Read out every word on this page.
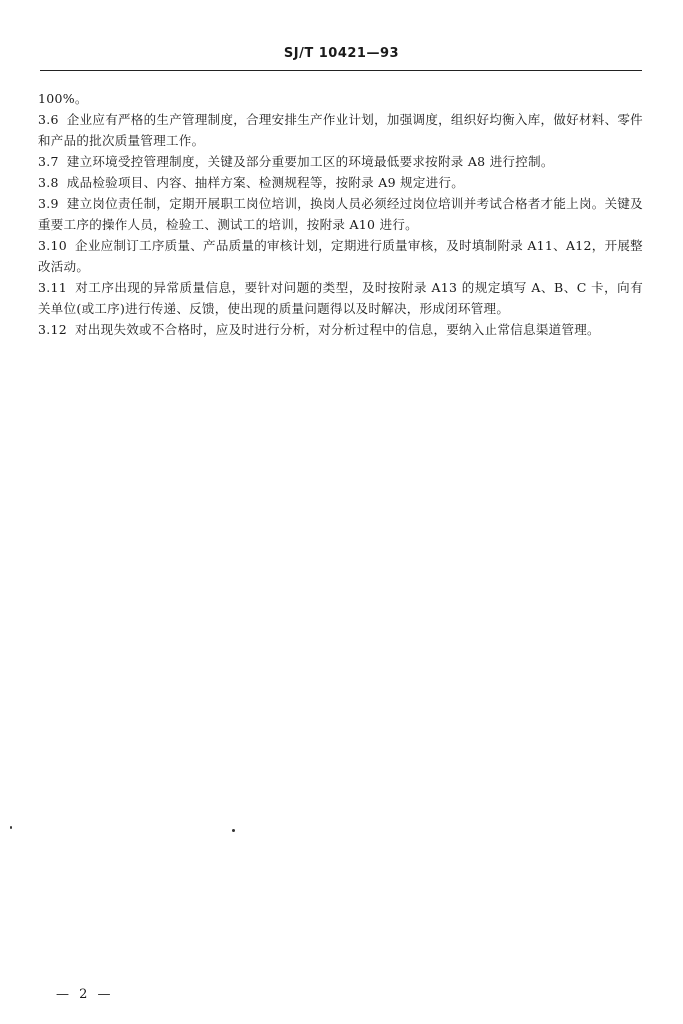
SJ/T 10421—93

100%。

3.6 企业应有严格的生产管理制度，合理安排生产作业计划，加强调度，组织好均衡入库，做好材料、零件和产品的批次质量管理工作。

3.7 建立环境受控管理制度，关键及部分重要加工区的环境最低要求按附录 A8 进行控制。

3.8 成品检验项目、内容、抽样方案、检测规程等，按附录 A9 规定进行。

3.9 建立岗位责任制，定期开展职工岗位培训，换岗人员必须经过岗位培训并考试合格者才能上岗。关键及重要工序的操作人员，检验工、测试工的培训，按附录 A10 进行。

3.10 企业应制订工序质量、产品质量的审核计划，定期进行质量审核，及时填制附录 A11、A12，开展整改活动。

3.11 对工序出现的异常质量信息，要针对问题的类型，及时按附录 A13 的规定填写 A、B、C 卡，向有关单位(或工序)进行传递、反馈，使出现的质量问题得以及时解决，形成闭环管理。

3.12 对出现失效或不合格时，应及时进行分析，对分析过程中的信息，要纳入止常信息渠道管理。

— 2 —
